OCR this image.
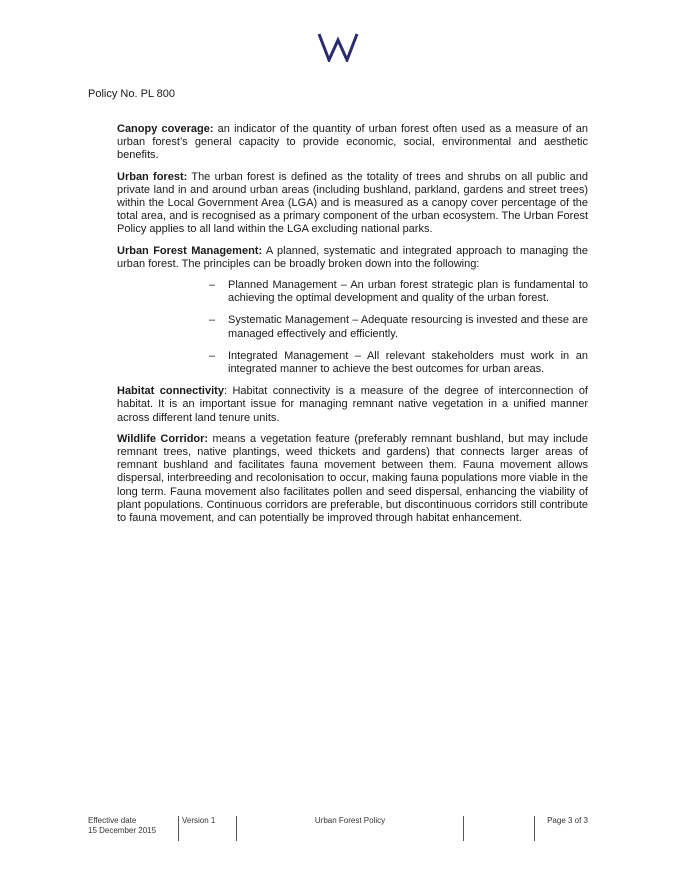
Policy No. PL 800

Canopy coverage: an indicator of the quantity of urban forest often used as a measure of an urban forest’s general capacity to provide economic, social, environmental and aesthetic benefits.

Urban forest: The urban forest is defined as the totality of trees and shrubs on all public and private land in and around urban areas (including bushland, parkland, gardens and street trees) within the Local Government Area (LGA) and is measured as a canopy cover percentage of the total area, and is recognised as a primary component of the urban ecosystem. The Urban Forest Policy applies to all land within the LGA excluding national parks.

Urban Forest Management: A planned, systematic and integrated approach to managing the urban forest. The principles can be broadly broken down into the following:

– Planned Management – An urban forest strategic plan is fundamental to achieving the optimal development and quality of the urban forest.
– Systematic Management – Adequate resourcing is invested and these are managed effectively and efficiently.
– Integrated Management – All relevant stakeholders must work in an integrated manner to achieve the best outcomes for urban areas.

Habitat connectivity: Habitat connectivity is a measure of the degree of interconnection of habitat. It is an important issue for managing remnant native vegetation in a unified manner across different land tenure units.

Wildlife Corridor: means a vegetation feature (preferably remnant bushland, but may include remnant trees, native plantings, weed thickets and gardens) that connects larger areas of remnant bushland and facilitates fauna movement between them. Fauna movement allows dispersal, interbreeding and recolonisation to occur, making fauna populations more viable in the long term. Fauna movement also facilitates pollen and seed dispersal, enhancing the viability of plant populations. Continuous corridors are preferable, but discontinuous corridors still contribute to fauna movement, and can potentially be improved through habitat enhancement.

Effective date
15 December 2015
Version 1	Urban Forest Policy	Page 3 of 3
